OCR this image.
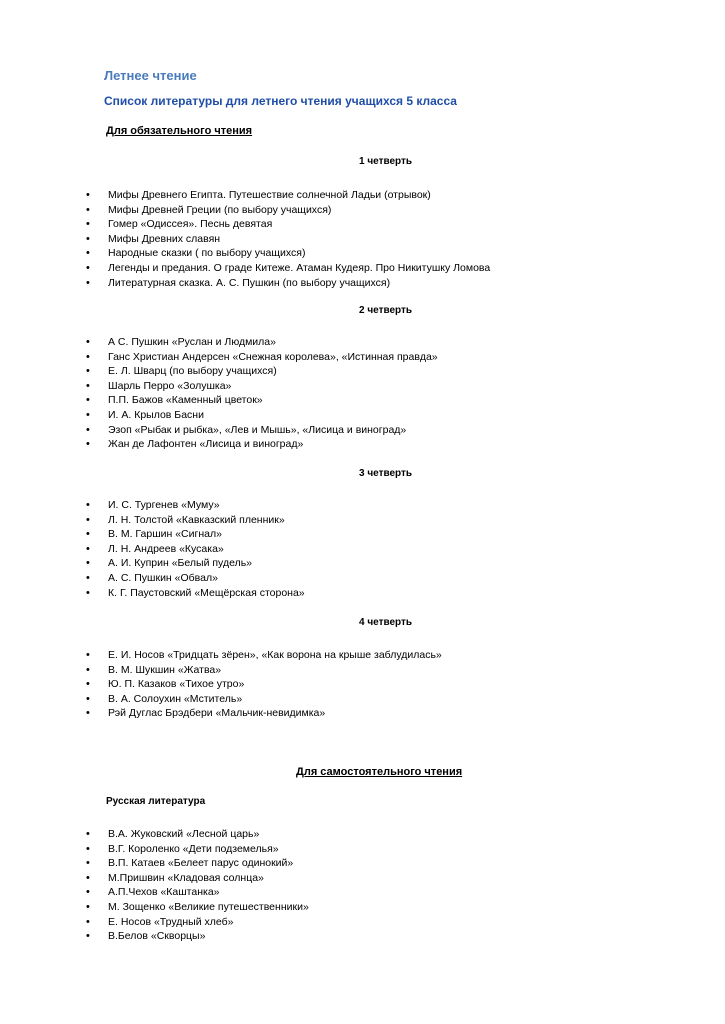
Летнее чтение
Список литературы для летнего чтения учащихся 5 класса
Для обязательного чтения
1 четверть
• Мифы Древнего Египта. Путешествие солнечной Ладьи (отрывок)
• Мифы Древней Греции (по выбору учащихся)
• Гомер «Одиссея». Песнь девятая
• Мифы Древних славян
• Народные сказки ( по выбору учащихся)
• Легенды и предания. О граде Китеже. Атаман Кудеяр. Про Никитушку Ломова
• Литературная сказка. А. С. Пушкин (по выбору учащихся)
2 четверть
• А С. Пушкин «Руслан и Людмила»
• Ганс Христиан Андерсен «Снежная королева», «Истинная правда»
• Е. Л. Шварц (по выбору учащихся)
• Шарль Перро «Золушка»
• П.П. Бажов «Каменный цветок»
• И. А. Крылов Басни
• Эзоп «Рыбак и рыбка», «Лев и Мышь», «Лисица и виноград»
• Жан де Лафонтен «Лисица и виноград»
3 четверть
• И. С. Тургенев «Муму»
• Л. Н. Толстой «Кавказский пленник»
• В. М. Гаршин «Сигнал»
• Л. Н. Андреев «Кусака»
• А. И. Куприн «Белый пудель»
• А. С. Пушкин «Обвал»
• К. Г. Паустовский «Мещёрская сторона»
4 четверть
• Е. И. Носов «Тридцать зёрен», «Как ворона на крыше заблудилась»
• В. М. Шукшин «Жатва»
• Ю. П. Казаков «Тихое утро»
• В. А. Солоухин «Мститель»
• Рэй Дуглас Брэдбери «Мальчик-невидимка»
Для самостоятельного чтения
Русская литература
• В.А. Жуковский «Лесной царь»
• В.Г. Короленко «Дети подземелья»
• В.П. Катаев «Белеет парус одинокий»
• М.Пришвин «Кладовая солнца»
• А.П.Чехов «Каштанка»
• М. Зощенко «Великие путешественники»
• Е. Носов «Трудный хлеб»
• В.Белов «Скворцы»
